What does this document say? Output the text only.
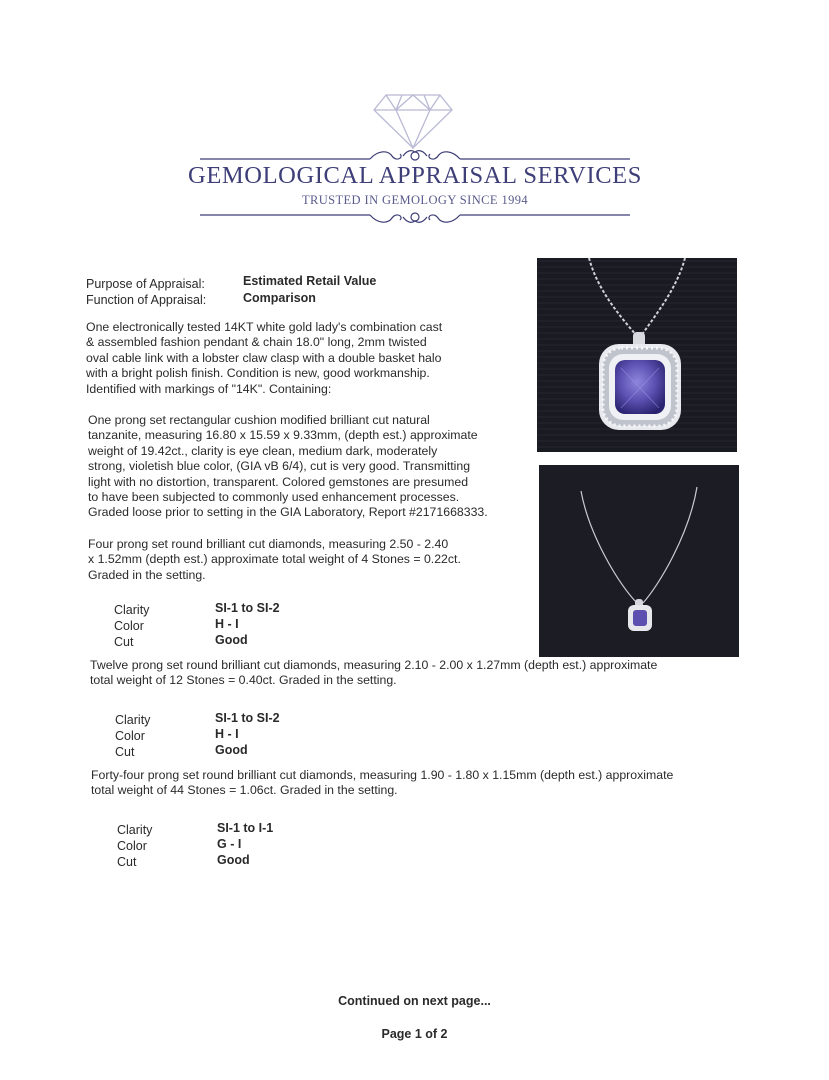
GEMOLOGICAL APPRAISAL SERVICES
TRUSTED IN GEMOLOGY SINCE 1994
Purpose of Appraisal:	Estimated Retail Value
Function of Appraisal:	Comparison
One electronically tested 14KT white gold lady's combination cast
& assembled fashion pendant & chain 18.0" long, 2mm twisted
oval cable link with a lobster claw clasp with a double basket halo
with a bright polish finish. Condition is new, good workmanship.
Identified with markings of "14K". Containing:
One prong set rectangular cushion modified brilliant cut natural
tanzanite, measuring 16.80 x 15.59 x 9.33mm, (depth est.) approximate
weight of 19.42ct., clarity is eye clean, medium dark, moderately
strong, violetish blue color, (GIA vB 6/4), cut is very good. Transmitting
light with no distortion, transparent. Colored gemstones are presumed
to have been subjected to commonly used enhancement processes.
Graded loose prior to setting in the GIA Laboratory, Report #2171668333.
Four prong set round brilliant cut diamonds, measuring 2.50 - 2.40
x 1.52mm (depth est.) approximate total weight of 4 Stones = 0.22ct.
Graded in the setting.
Clarity	SI-1 to SI-2
Color	H - I
Cut	Good
Twelve prong set round brilliant cut diamonds, measuring 2.10 - 2.00 x 1.27mm (depth est.) approximate
total weight of 12 Stones = 0.40ct. Graded in the setting.
Clarity	SI-1 to SI-2
Color	H - I
Cut	Good
Forty-four prong set round brilliant cut diamonds, measuring 1.90 - 1.80 x 1.15mm (depth est.) approximate
total weight of 44 Stones = 1.06ct. Graded in the setting.
Clarity	SI-1 to I-1
Color	G - I
Cut	Good
Continued on next page...
Page 1 of 2
